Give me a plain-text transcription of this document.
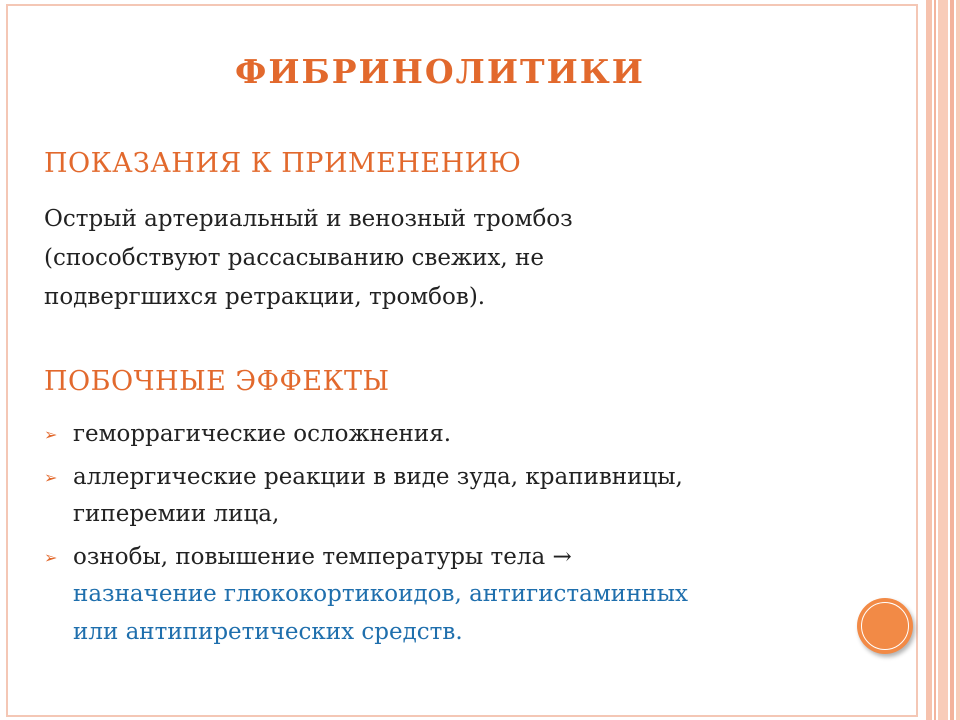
ФИБРИНОЛИТИКИ
ПОКАЗАНИЯ К ПРИМЕНЕНИЮ
Острый артериальный и венозный тромбоз
(способствуют рассасыванию свежих, не
подвергшихся ретракции, тромбов).
ПОБОЧНЫЕ ЭФФЕКТЫ
➢ геморрагические осложнения.
➢ аллергические реакции в виде зуда, крапивницы,
гиперемии лица,
➢ ознобы, повышение температуры тела →
назначение глюкокортикоидов, антигистаминных
или антипиретических средств.
